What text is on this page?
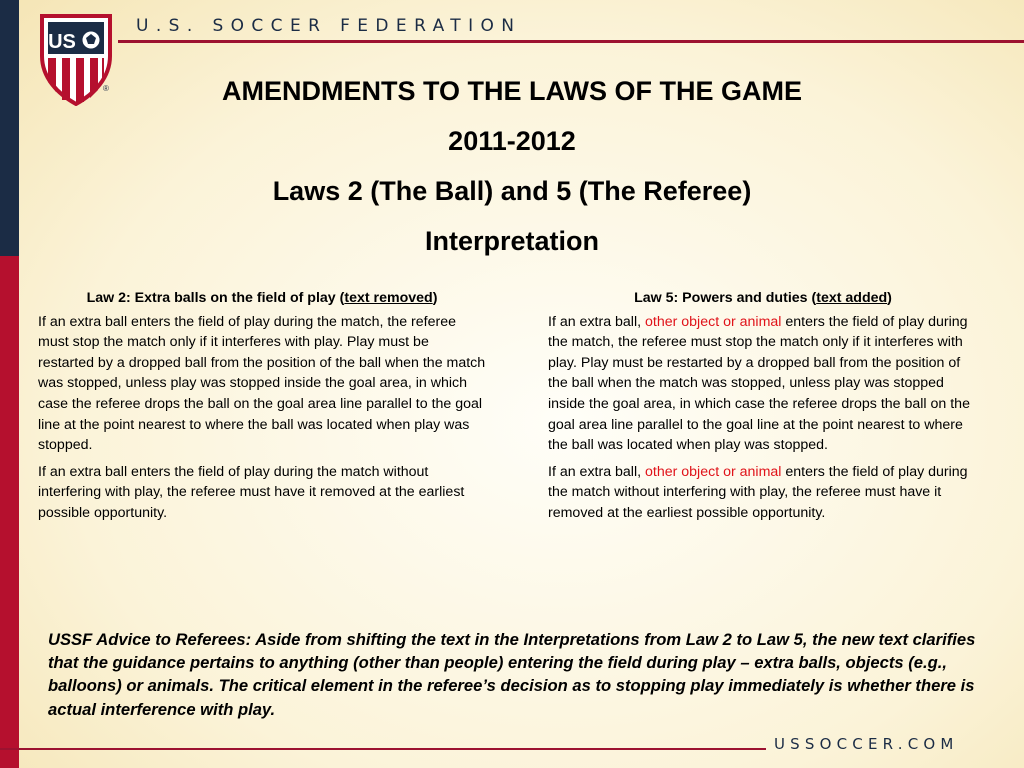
US
®
U.S. SOCCER FEDERATION
AMENDMENTS TO THE LAWS OF THE GAME
2011-2012
Laws 2 (The Ball) and 5 (The Referee)
Interpretation
Law 2: Extra balls on the field of play (text removed)

If an extra ball enters the field of play during the match, the referee must stop the match only if it interferes with play. Play must be restarted by a dropped ball from the position of the ball when the match was stopped, unless play was stopped inside the goal area, in which case the referee drops the ball on the goal area line parallel to the goal line at the point nearest to where the ball was located when play was stopped.

If an extra ball enters the field of play during the match without interfering with play, the referee must have it removed at the earliest possible opportunity.

Law 5: Powers and duties (text added)

If an extra ball, other object or animal enters the field of play during the match, the referee must stop the match only if it interferes with play. Play must be restarted by a dropped ball from the position of the ball when the match was stopped, unless play was stopped inside the goal area, in which case the referee drops the ball on the goal area line parallel to the goal line at the point nearest to where the ball was located when play was stopped.

If an extra ball, other object or animal enters the field of play during the match without interfering with play, the referee must have it removed at the earliest possible opportunity.

USSF Advice to Referees: Aside from shifting the text in the Interpretations from Law 2 to Law 5, the new text clarifies that the guidance pertains to anything (other than people) entering the field during play – extra balls, objects (e.g., balloons) or animals. The critical element in the referee’s decision as to stopping play immediately is whether there is actual interference with play.
USSOCCER.COM
